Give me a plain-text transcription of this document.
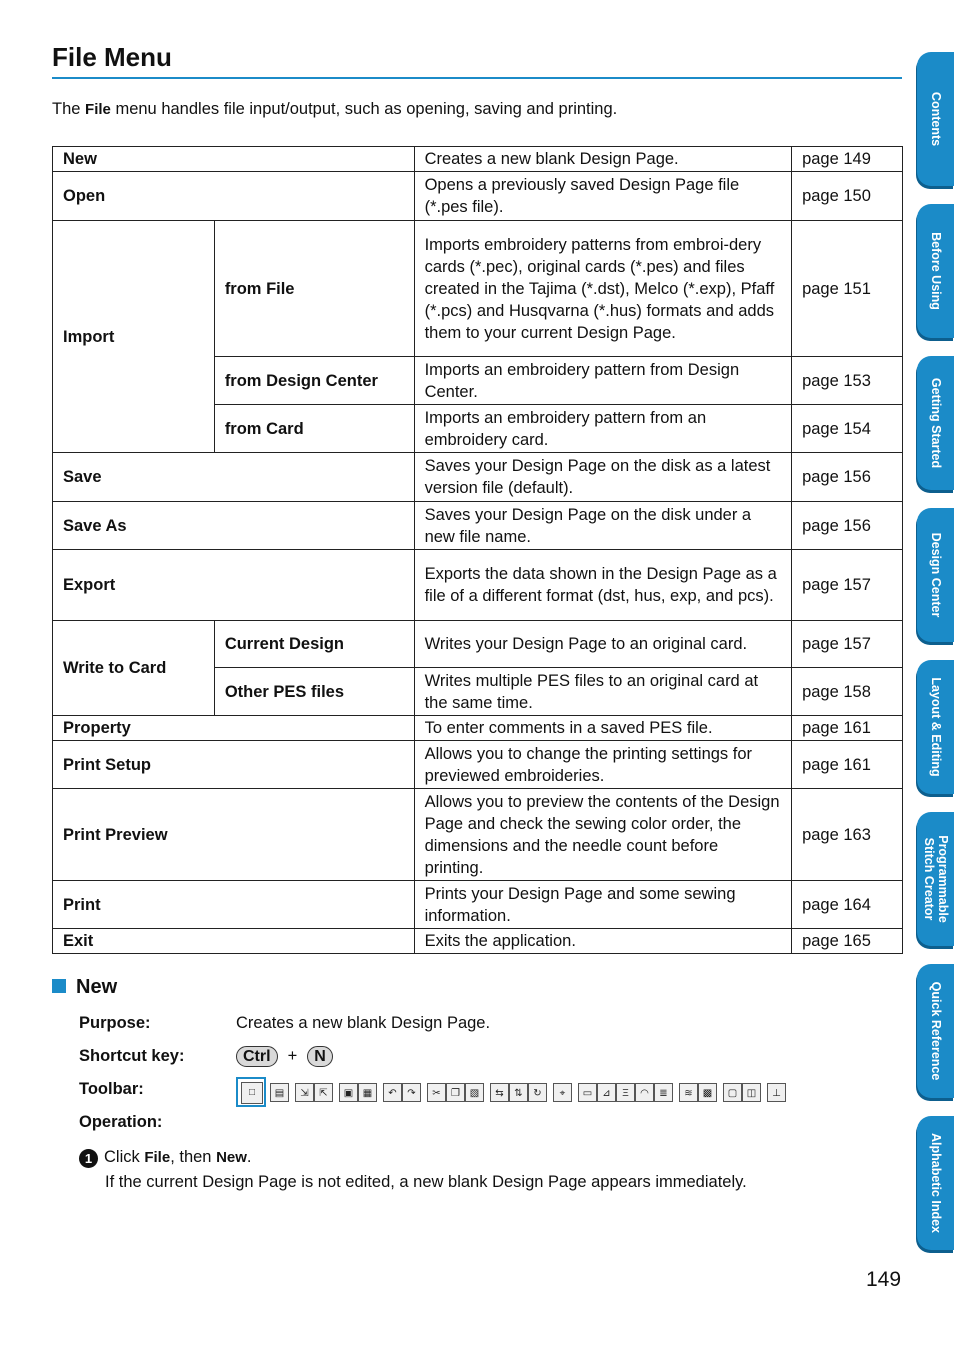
File Menu
The File menu handles file input/output, such as opening, saving and printing.
New		Creates a new blank Design Page.	page 149
Open		Opens a previously saved Design Page file (*.pes file).	page 150
Import	from File	Imports embroidery patterns from embroi-dery cards (*.pec), original cards (*.pes) and files created in the Tajima (*.dst), Melco (*.exp), Pfaff (*.pcs) and Husqvarna (*.hus) formats and adds them to your current Design Page.	page 151
	from Design Center	Imports an embroidery pattern from Design Center.	page 153
	from Card	Imports an embroidery pattern from an embroidery card.	page 154
Save		Saves your Design Page on the disk as a latest version file (default).	page 156
Save As		Saves your Design Page on the disk under a new file name.	page 156
Export		Exports the data shown in the Design Page as a file of a different format (dst, hus, exp, and pcs).	page 157
Write to Card	Current Design	Writes your Design Page to an original card.	page 157
	Other PES files	Writes multiple PES files to an original card at the same time.	page 158
Property		To enter comments in a saved PES file.	page 161
Print Setup		Allows you to change the printing settings for previewed embroideries.	page 161
Print Preview		Allows you to preview the contents of the Design Page and check the sewing color order, the dimensions and the needle count before printing.	page 163
Print		Prints your Design Page and some sewing information.	page 164
Exit		Exits the application.	page 165
New
Purpose:	Creates a new blank Design Page.
Shortcut key:	Ctrl + N
Toolbar:	□	▤	⇲	⇱	▣ ▦	↶	↷	✂	❐ ▧	⇆	⇅	↻	⌖	▭	⊿	Ξ	◠	≣	≋	▩	▢ ◫	⊥
Operation:
1 Click File, then New.
If the current Design Page is not edited, a new blank Design Page appears immediately.
149
Contents
Before Using
Getting Started
Design Center
Layout & Editing
Programmable Stitch Creator
Quick Reference
Alphabetic Index
